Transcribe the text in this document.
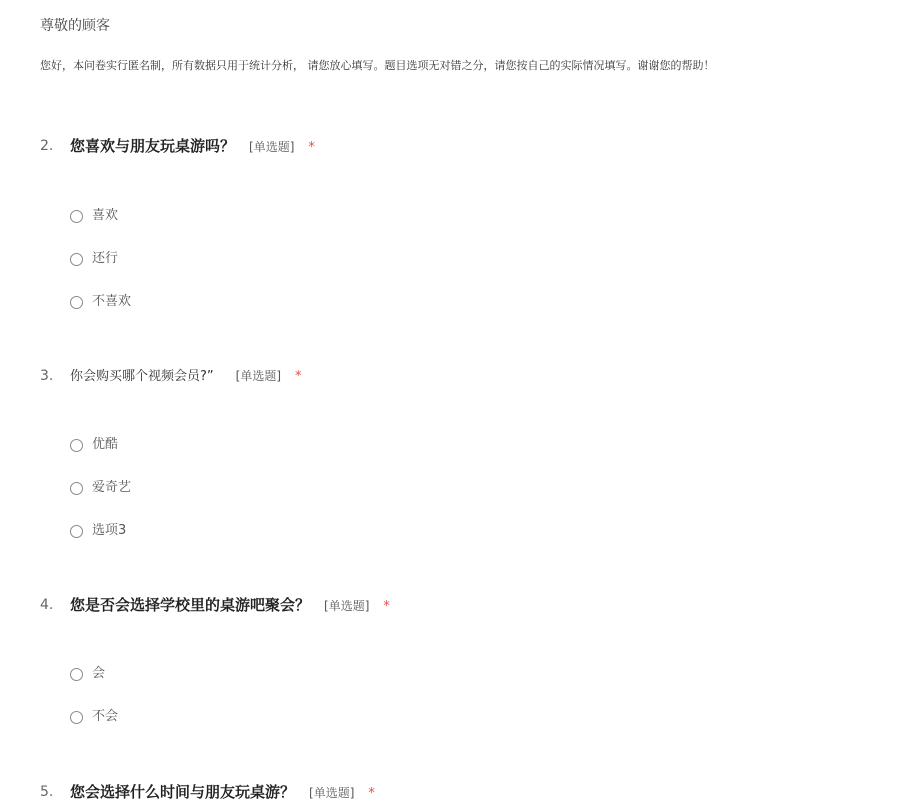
尊敬的顾客
您好，本问卷实行匿名制，所有数据只用于统计分析， 请您放心填写。题目选项无对错之分，请您按自己的实际情况填写。谢谢您的帮助！
2. 您喜欢与朋友玩桌游吗？ [单选题] *
喜欢
还行
不喜欢
3. 你会购买哪个视频会员?” [单选题] *
优酷
爱奇艺
选项3
4. 您是否会选择学校里的桌游吧聚会？ [单选题] *
会
不会
5. 您会选择什么时间与朋友玩桌游？ [单选题] *
